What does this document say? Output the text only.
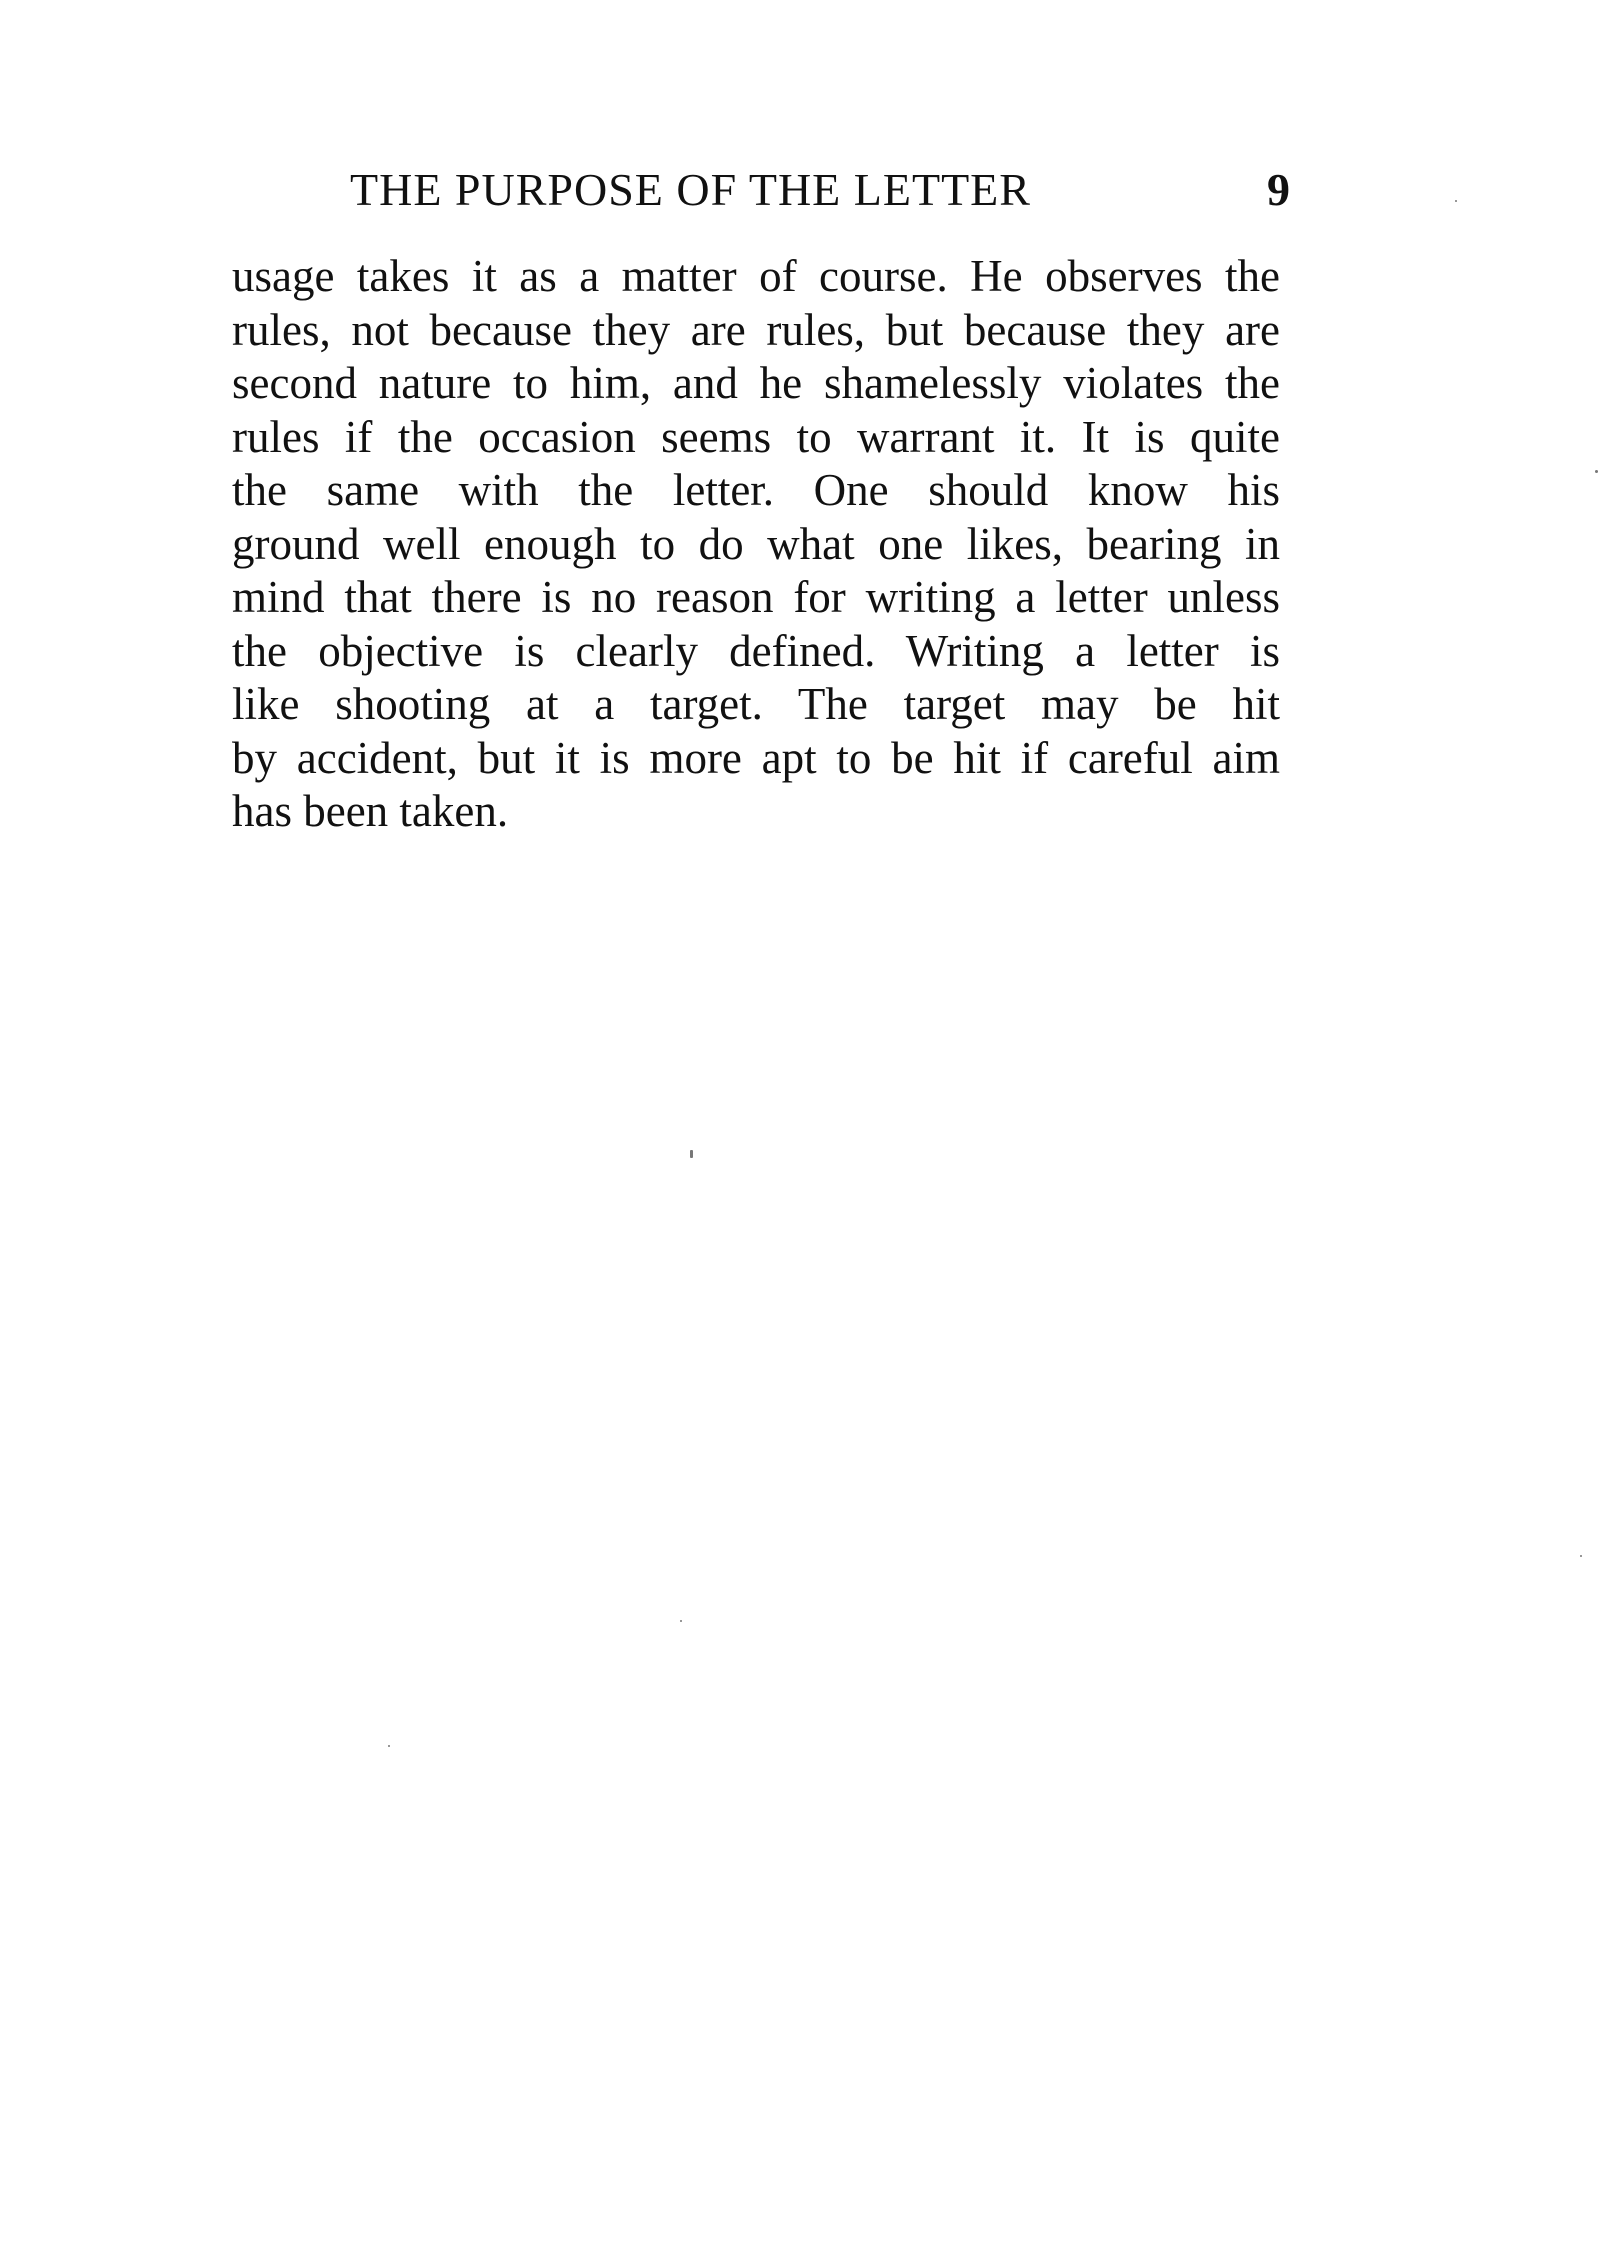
THE PURPOSE OF THE LETTER	9
usage takes it as a matter of course. He observes the
rules, not because they are rules, but because they are
second nature to him, and he shamelessly violates the
rules if the occasion seems to warrant it. It is quite
the same with the letter. One should know his
ground well enough to do what one likes, bearing in
mind that there is no reason for writing a letter unless
the objective is clearly defined. Writing a letter is
like shooting at a target. The target may be hit
by accident, but it is more apt to be hit if careful aim
has been taken.
